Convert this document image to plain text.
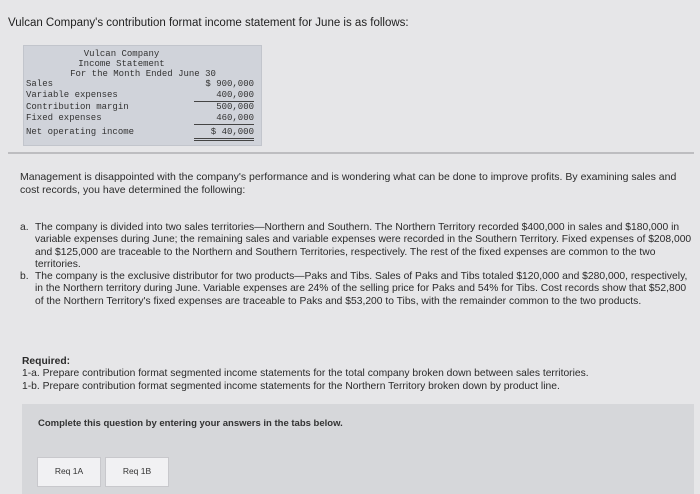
Vulcan Company's contribution format income statement for June is as follows:
Vulcan Company
Income Statement
For the Month Ended June 30
Sales	$ 900,000
Variable expenses	400,000
Contribution margin	500,000
Fixed expenses	460,000
Net operating income	$ 40,000
Management is disappointed with the company's performance and is wondering what can be done to improve profits. By examining sales and cost records, you have determined the following:
a. The company is divided into two sales territories—Northern and Southern. The Northern Territory recorded $400,000 in sales and $180,000 in variable expenses during June; the remaining sales and variable expenses were recorded in the Southern Territory. Fixed expenses of $208,000 and $125,000 are traceable to the Northern and Southern Territories, respectively. The rest of the fixed expenses are common to the two territories.
b. The company is the exclusive distributor for two products—Paks and Tibs. Sales of Paks and Tibs totaled $120,000 and $280,000, respectively, in the Northern territory during June. Variable expenses are 24% of the selling price for Paks and 54% for Tibs. Cost records show that $52,800 of the Northern Territory's fixed expenses are traceable to Paks and $53,200 to Tibs, with the remainder common to the two products.
Required:
1-a. Prepare contribution format segmented income statements for the total company broken down between sales territories.
1-b. Prepare contribution format segmented income statements for the Northern Territory broken down by product line.
Complete this question by entering your answers in the tabs below.
Req 1A	Req 1B
